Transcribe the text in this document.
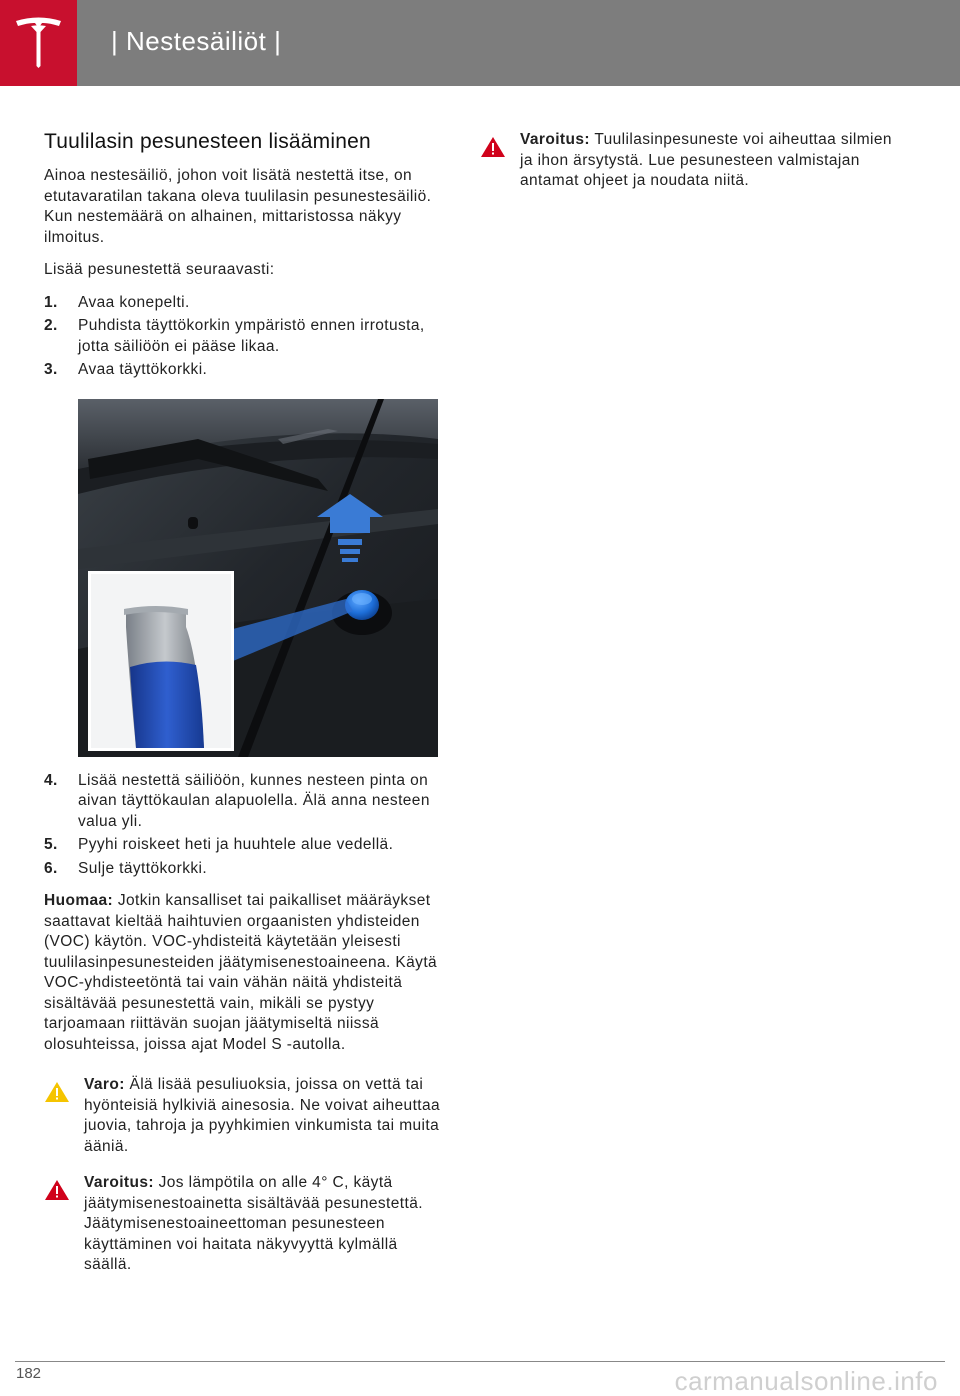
| Nestesäiliöt |
Tuulilasin pesunesteen lisääminen

Ainoa nestesäiliö, johon voit lisätä nestettä itse, on etutavaratilan takana oleva tuulilasin pesunestesäiliö. Kun nestemäärä on alhainen, mittaristossa näkyy ilmoitus.

Lisää pesunestettä seuraavasti:

1. Avaa konepelti.
2. Puhdista täyttökorkin ympäristö ennen irrotusta, jotta säiliöön ei pääse likaa.
3. Avaa täyttökorkki.
4. Lisää nestettä säiliöön, kunnes nesteen pinta on aivan täyttökaulan alapuolella. Älä anna nesteen valua yli.
5. Pyyhi roiskeet heti ja huuhtele alue vedellä.
6. Sulje täyttökorkki.

Huomaa: Jotkin kansalliset tai paikalliset määräykset saattavat kieltää haihtuvien orgaanisten yhdisteiden (VOC) käytön. VOC-yhdisteitä käytetään yleisesti tuulilasinpesunesteiden jäätymisenestoaineena. Käytä VOC-yhdisteetöntä tai vain vähän näitä yhdisteitä sisältävää pesunestettä vain, mikäli se pystyy tarjoamaan riittävän suojan jäätymiseltä niissä olosuhteissa, joissa ajat Model S -autolla.

Varo: Älä lisää pesuliuoksia, joissa on vettä tai hyönteisiä hylkiviä ainesosia. Ne voivat aiheuttaa juovia, tahroja ja pyyhkimien vinkumista tai muita ääniä.
Varoitus: Jos lämpötila on alle 4° C, käytä jäätymisenestoainetta sisältävää pesunestettä. Jäätymisenestoaineettoman pesunesteen käyttäminen voi haitata näkyvyyttä kylmällä säällä.
Varoitus: Tuulilasinpesuneste voi aiheuttaa silmien ja ihon ärsytystä. Lue pesunesteen valmistajan antamat ohjeet ja noudata niitä.
182	carmanualsonline.info
